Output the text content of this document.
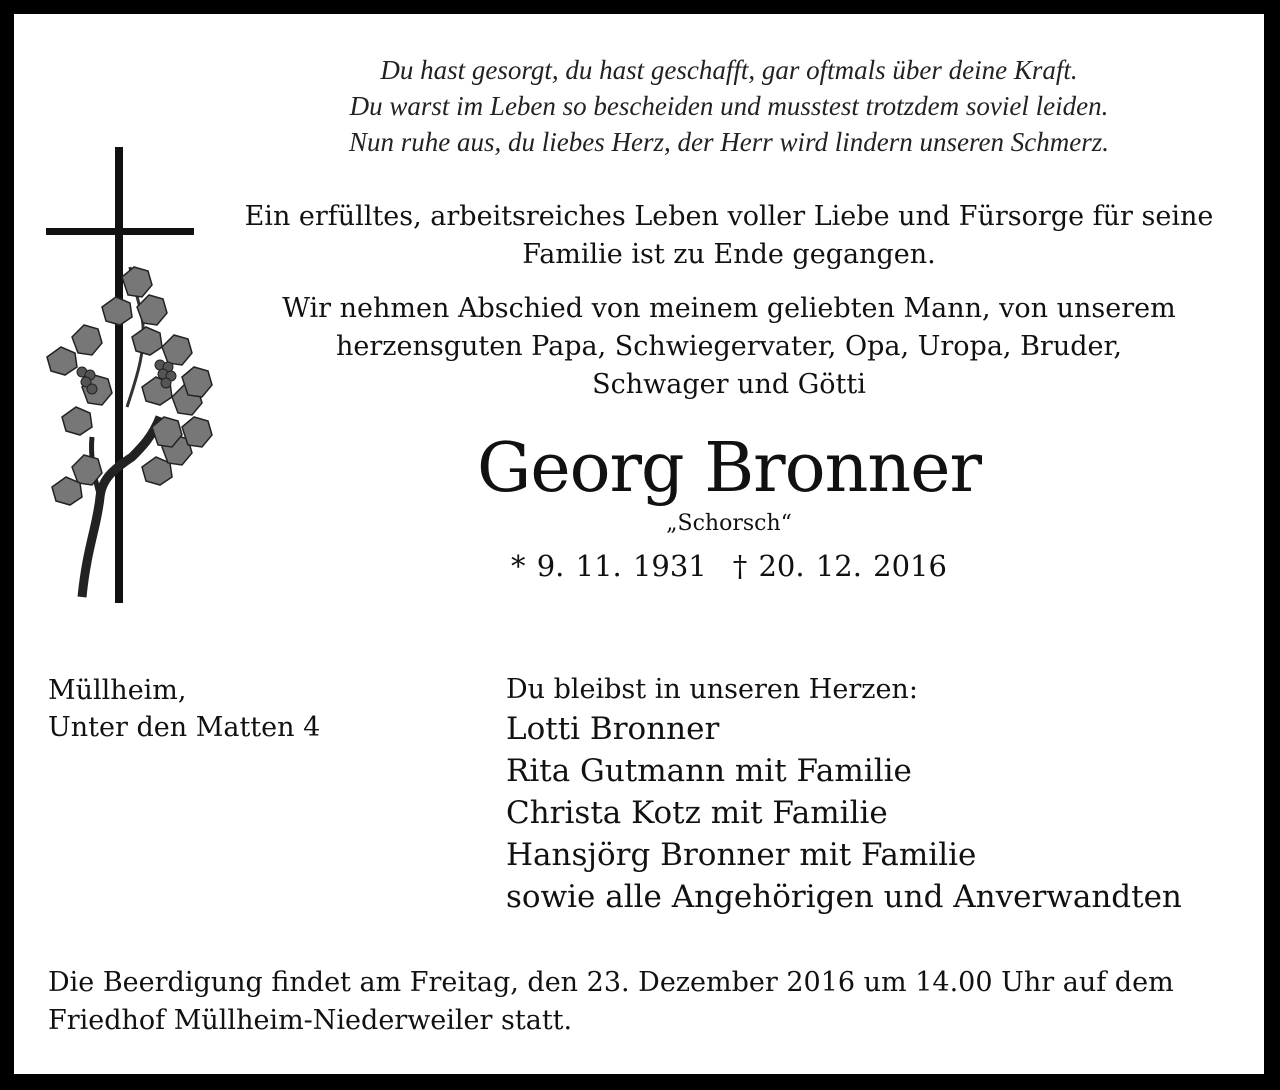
Du hast gesorgt, du hast geschafft, gar oftmals über deine Kraft.
Du warst im Leben so bescheiden und musstest trotzdem soviel leiden.
Nun ruhe aus, du liebes Herz, der Herr wird lindern unseren Schmerz.
Ein erfülltes, arbeitsreiches Leben voller Liebe und Fürsorge für seine
Familie ist zu Ende gegangen.
Wir nehmen Abschied von meinem geliebten Mann, von unserem
herzensguten Papa, Schwiegervater, Opa, Uropa, Bruder,
Schwager und Götti
Georg Bronner
„Schorsch“
* 9. 11. 1931 † 20. 12. 2016
Müllheim,
Unter den Matten 4
Du bleibst in unseren Herzen:
Lotti Bronner
Rita Gutmann mit Familie
Christa Kotz mit Familie
Hansjörg Bronner mit Familie
sowie alle Angehörigen und Anverwandten
Die Beerdigung findet am Freitag, den 23. Dezember 2016 um 14.00 Uhr auf dem
Friedhof Müllheim-Niederweiler statt.
